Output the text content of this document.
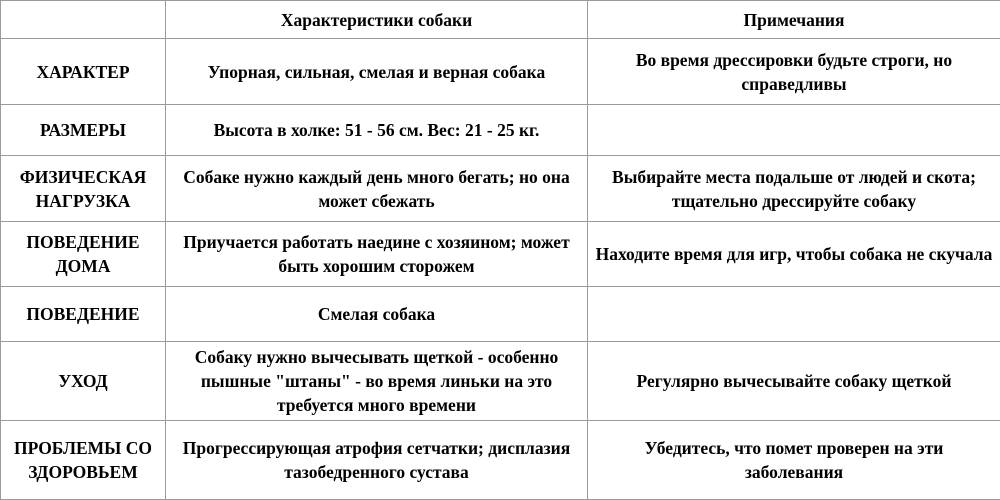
	Характеристики собаки	Примечания
ХАРАКТЕР	Упорная, сильная, смелая и верная собака	Во время дрессировки будьте строги, но справедливы
РАЗМЕРЫ	Высота в холке: 51 - 56 см. Вес: 21 - 25 кг.	
ФИЗИЧЕСКАЯ НАГРУЗКА	Собаке нужно каждый день много бегать; но она может сбежать	Выбирайте места подальше от людей и скота; тщательно дрессируйте собаку
ПОВЕДЕНИЕ ДОМА	Приучается работать наедине с хозяином; может быть хорошим сторожем	Находите время для игр, чтобы собака не скучала
ПОВЕДЕНИЕ	Смелая собака	
УХОД	Собаку нужно вычесывать щеткой - особенно пышные "штаны" - во время линьки на это требуется много времени	Регулярно вычесывайте собаку щеткой
ПРОБЛЕМЫ СО ЗДОРОВЬЕМ	Прогрессирующая атрофия сетчатки; дисплазия тазобедренного сустава	Убедитесь, что помет проверен на эти заболевания
